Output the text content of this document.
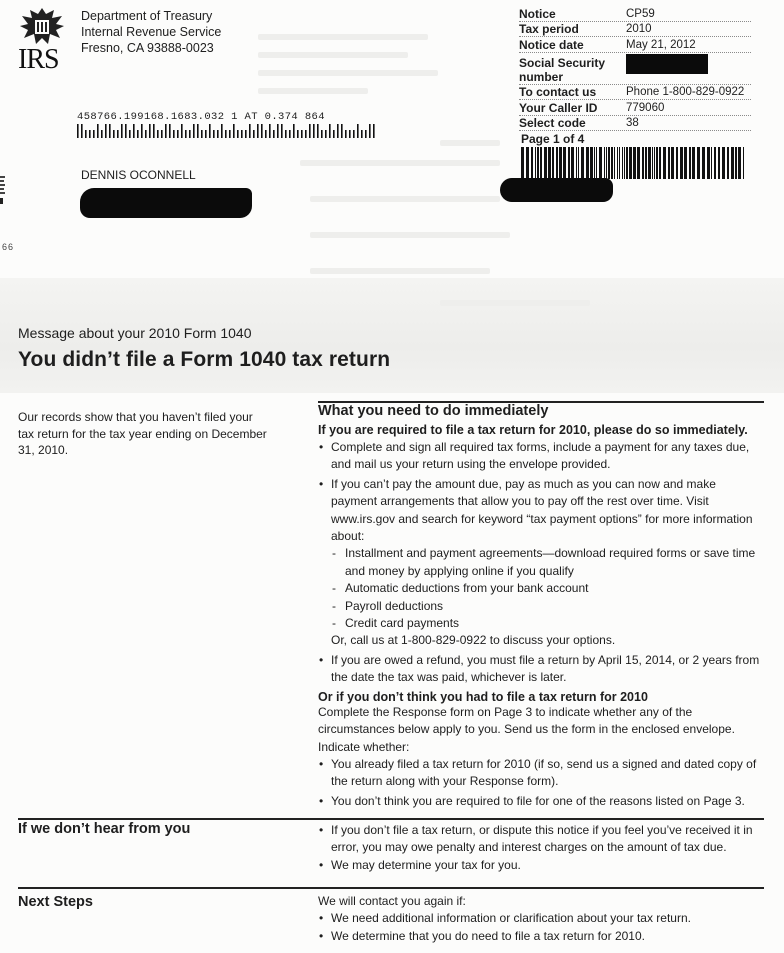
IRS
Department of Treasury
Internal Revenue Service
Fresno, CA 93888-0023
458766.199168.1683.032 1 AT 0.374 864
DENNIS OCONNELL
66
Notice	CP59
Tax period	2010
Notice date	May 21, 2012
Social Security number
To contact us	Phone 1-800-829-0922
Your Caller ID	779060
Select code	38
Page 1 of 4
Message about your 2010 Form 1040
You didn’t file a Form 1040 tax return
Our records show that you haven’t filed your tax return for the tax year ending on December 31, 2010.
What you need to do immediately
If you are required to file a tax return for 2010, please do so immediately.
• Complete and sign all required tax forms, include a payment for any taxes due, and mail us your return using the envelope provided.
• If you can’t pay the amount due, pay as much as you can now and make payment arrangements that allow you to pay off the rest over time. Visit www.irs.gov and search for keyword “tax payment options” for more information about:
- Installment and payment agreements—download required forms or save time and money by applying online if you qualify
- Automatic deductions from your bank account
- Payroll deductions
- Credit card payments

Or, call us at 1-800-829-0922 to discuss your options.

• If you are owed a refund, you must file a return by April 15, 2014, or 2 years from the date the tax was paid, whichever is later.
Or if you don’t think you had to file a tax return for 2010

Complete the Response form on Page 3 to indicate whether any of the circumstances below apply to you. Send us the form in the enclosed envelope.

Indicate whether:

• You already filed a tax return for 2010 (if so, send us a signed and dated copy of the return along with your Response form).
• You don’t think you are required to file for one of the reasons listed on Page 3.
If we don’t hear from you	• If you don’t file a tax return, or dispute this notice if you feel you’ve received it in error, you may owe penalty and interest charges on the amount of tax due.
• We may determine your tax for you.
Next Steps	We will contact you again if:

• We need additional information or clarification about your tax return.
• We determine that you do need to file a tax return for 2010.
